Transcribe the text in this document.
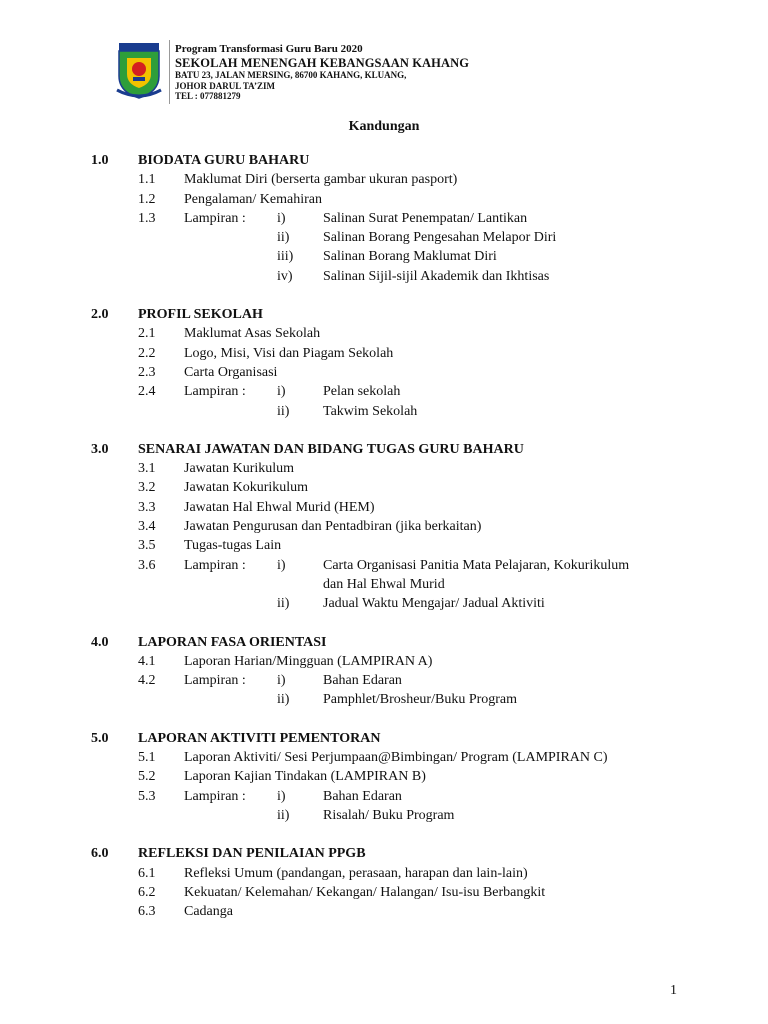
Program Transformasi Guru Baru 2020
SEKOLAH MENENGAH KEBANGSAAN KAHANG
BATU 23, JALAN MERSING, 86700 KAHANG, KLUANG,
JOHOR DARUL TA’ZIM
TEL : 077881279
Kandungan
1.0	BIODATA GURU BAHARU
1.1	Maklumat Diri (berserta gambar ukuran pasport)
1.2	Pengalaman/ Kemahiran
1.3	Lampiran :	i)	Salinan Surat Penempatan/ Lantikan
ii)	Salinan Borang Pengesahan Melapor Diri
iii)	Salinan Borang Maklumat Diri
iv)	Salinan Sijil-sijil Akademik dan Ikhtisas
2.0	PROFIL SEKOLAH
2.1	Maklumat Asas Sekolah
2.2	Logo, Misi, Visi dan Piagam Sekolah
2.3	Carta Organisasi
2.4	Lampiran :	i)	Pelan sekolah
ii)	Takwim Sekolah
3.0	SENARAI JAWATAN DAN BIDANG TUGAS GURU BAHARU
3.1	Jawatan Kurikulum
3.2	Jawatan Kokurikulum
3.3	Jawatan Hal Ehwal Murid (HEM)
3.4	Jawatan Pengurusan dan Pentadbiran (jika berkaitan)
3.5	Tugas-tugas Lain
3.6	Lampiran :	i)	Carta Organisasi Panitia Mata Pelajaran, Kokurikulum
dan Hal Ehwal Murid
ii)	Jadual Waktu Mengajar/ Jadual Aktiviti
4.0	LAPORAN FASA ORIENTASI
4.1	Laporan Harian/Mingguan (LAMPIRAN A)
4.2	Lampiran :	i)	Bahan Edaran
ii)	Pamphlet/Brosheur/Buku Program
5.0	LAPORAN AKTIVITI PEMENTORAN
5.1	Laporan Aktiviti/ Sesi Perjumpaan@Bimbingan/ Program (LAMPIRAN C)
5.2	Laporan Kajian Tindakan (LAMPIRAN B)
5.3	Lampiran :	i)	Bahan Edaran
ii)	Risalah/ Buku Program
6.0	REFLEKSI DAN PENILAIAN PPGB
6.1	Refleksi Umum (pandangan, perasaan, harapan dan lain-lain)
6.2	Kekuatan/ Kelemahan/ Kekangan/ Halangan/ Isu-isu Berbangkit
6.3	Cadanga
1
